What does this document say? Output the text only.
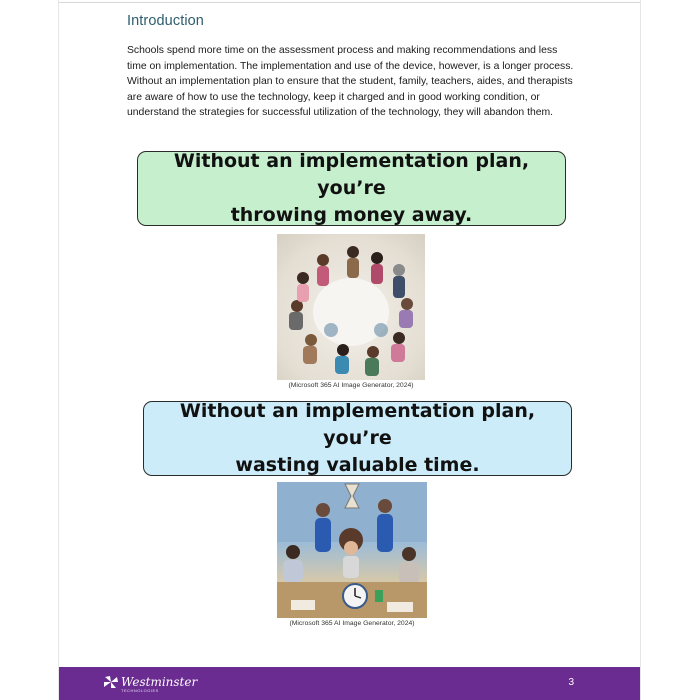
Introduction

Schools spend more time on the assessment process and making recommendations and less time on implementation. The implementation and use of the device, however, is a longer process. Without an implementation plan to ensure that the student, family, teachers, aides, and therapists are aware of how to use the technology, keep it charged and in good working condition, or understand the strategies for successful utilization of the technology, they will abandon them.

Without an implementation plan, you’re
throwing money away.
(Microsoft 365 AI Image Generator, 2024)
Without an implementation plan, you’re
wasting valuable time.
(Microsoft 365 AI Image Generator, 2024)
Westminster
TECHNOLOGIES
3
